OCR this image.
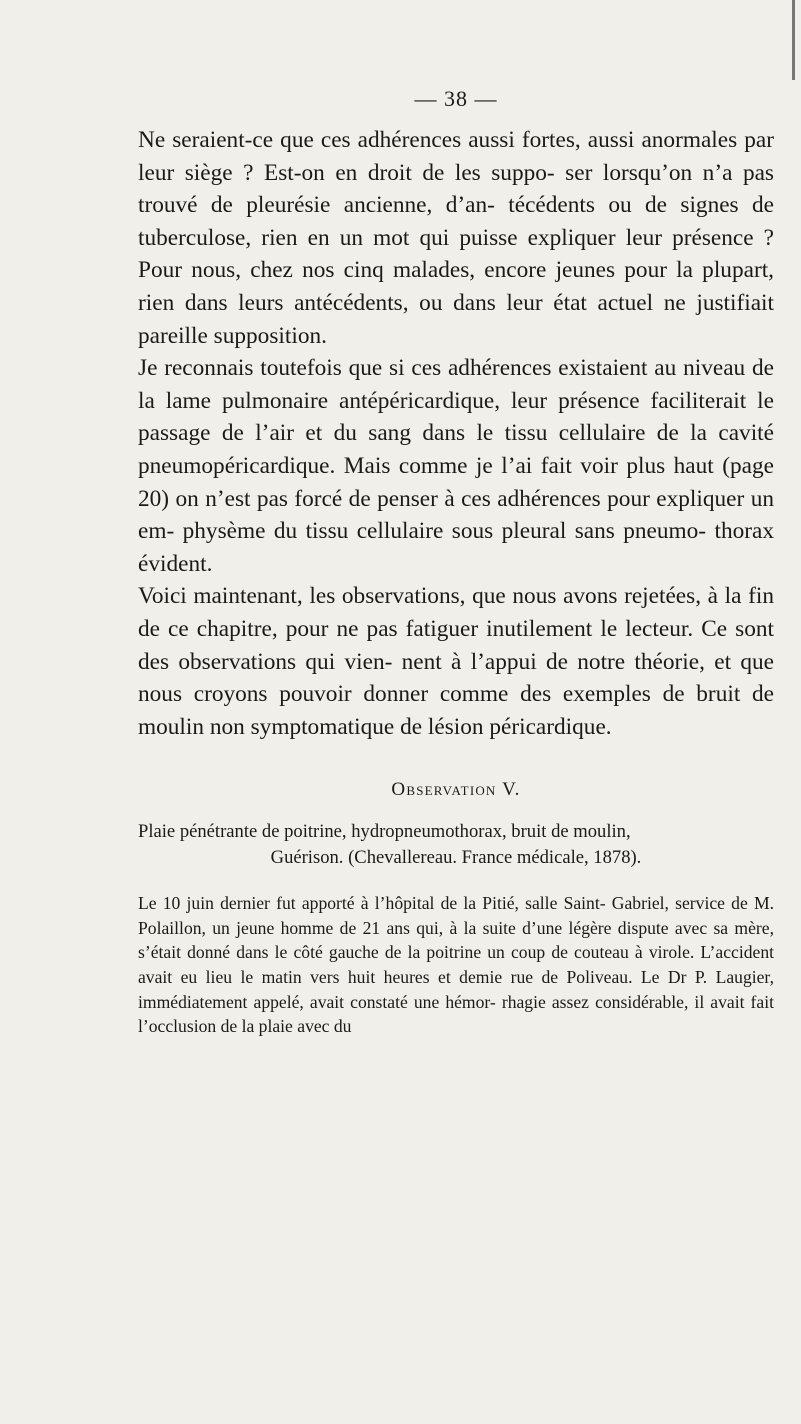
— 38 —

Ne seraient-ce que ces adhérences aussi fortes, aussi anormales par leur siège ? Est-on en droit de les suppo- ser lorsqu’on n’a pas trouvé de pleurésie ancienne, d’an- técédents ou de signes de tuberculose, rien en un mot qui puisse expliquer leur présence ? Pour nous, chez nos cinq malades, encore jeunes pour la plupart, rien dans leurs antécédents, ou dans leur état actuel ne justifiait pareille supposition.

Je reconnais toutefois que si ces adhérences existaient au niveau de la lame pulmonaire antépéricardique, leur présence faciliterait le passage de l’air et du sang dans le tissu cellulaire de la cavité pneumopéricardique. Mais comme je l’ai fait voir plus haut (page 20) on n’est pas forcé de penser à ces adhérences pour expliquer un em- physème du tissu cellulaire sous pleural sans pneumo- thorax évident.

Voici maintenant, les observations, que nous avons rejetées, à la fin de ce chapitre, pour ne pas fatiguer inutilement le lecteur. Ce sont des observations qui vien- nent à l’appui de notre théorie, et que nous croyons pouvoir donner comme des exemples de bruit de moulin non symptomatique de lésion péricardique.

Observation V.
Plaie pénétrante de poitrine, hydropneumothorax, bruit de moulin,
Guérison. (Chevallereau. France médicale, 1878).

Le 10 juin dernier fut apporté à l’hôpital de la Pitié, salle Saint- Gabriel, service de M. Polaillon, un jeune homme de 21 ans qui, à la suite d’une légère dispute avec sa mère, s’était donné dans le côté gauche de la poitrine un coup de couteau à virole. L’accident avait eu lieu le matin vers huit heures et demie rue de Poliveau. Le Dr P. Laugier, immédiatement appelé, avait constaté une hémor- rhagie assez considérable, il avait fait l’occlusion de la plaie avec du
